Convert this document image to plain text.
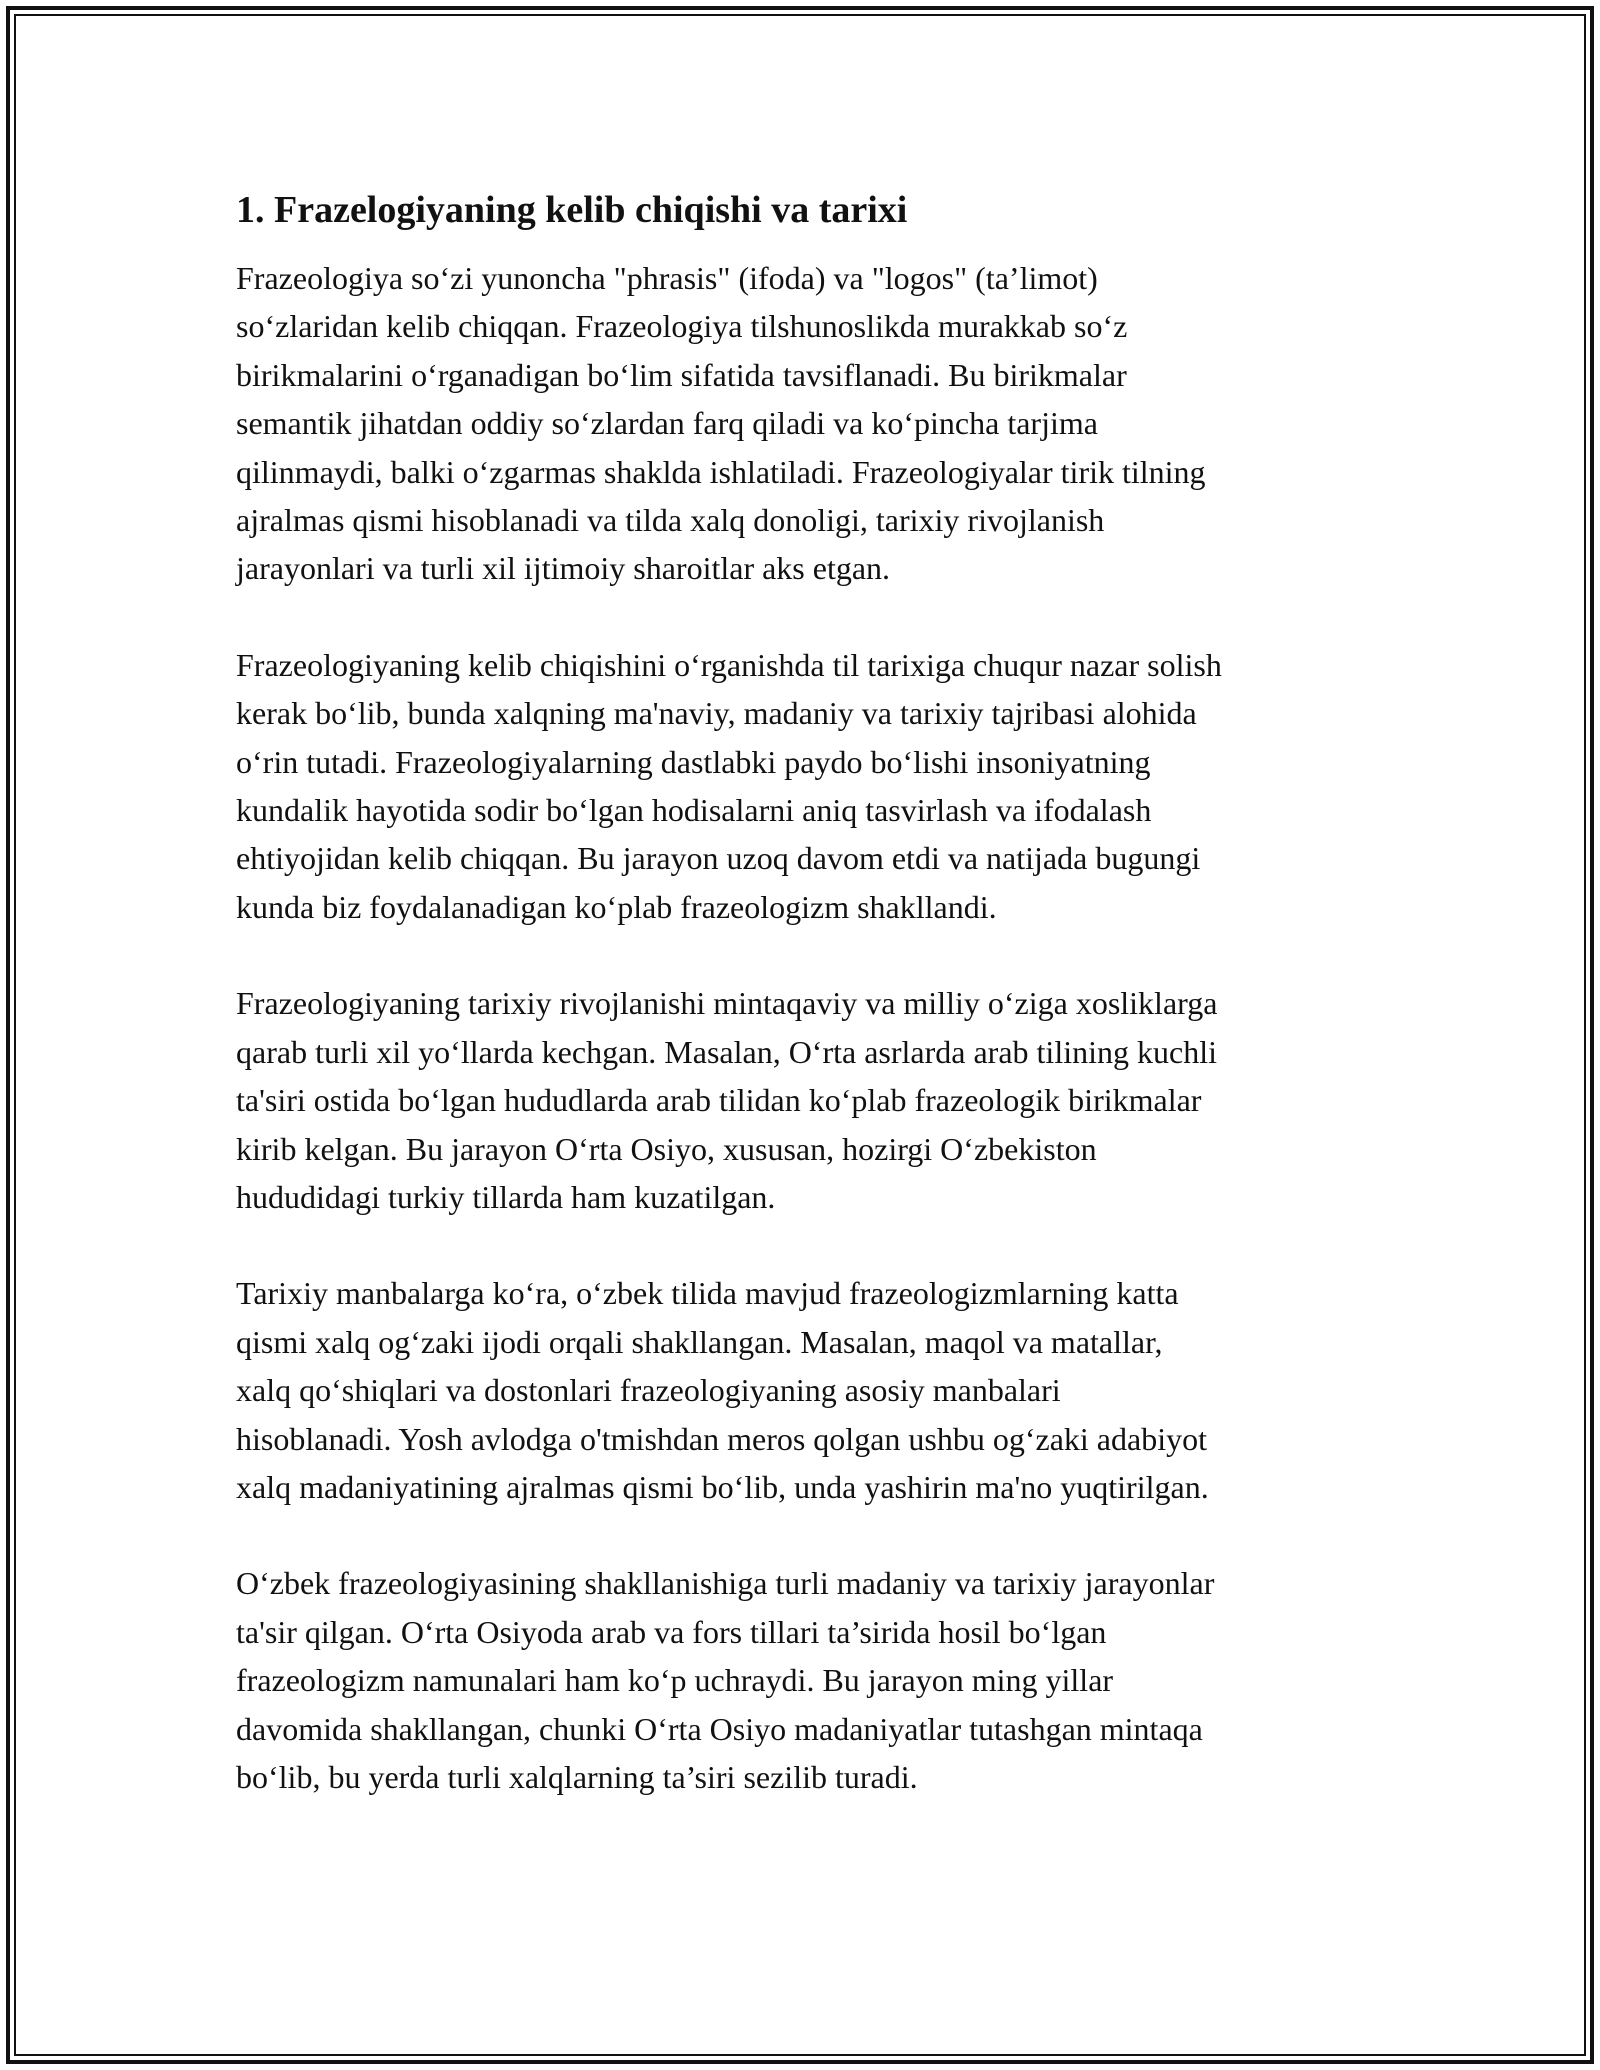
1. Frazelogiyaning kelib chiqishi va tarixi

Frazeologiya so‘zi yunoncha "phrasis" (ifoda) va "logos" (ta’limot)
so‘zlaridan kelib chiqqan. Frazeologiya tilshunoslikda murakkab so‘z
birikmalarini o‘rganadigan bo‘lim sifatida tavsiflanadi. Bu birikmalar
semantik jihatdan oddiy so‘zlardan farq qiladi va ko‘pincha tarjima
qilinmaydi, balki o‘zgarmas shaklda ishlatiladi. Frazeologiyalar tirik tilning
ajralmas qismi hisoblanadi va tilda xalq donoligi, tarixiy rivojlanish
jarayonlari va turli xil ijtimoiy sharoitlar aks etgan.

Frazeologiyaning kelib chiqishini o‘rganishda til tarixiga chuqur nazar solish
kerak bo‘lib, bunda xalqning ma'naviy, madaniy va tarixiy tajribasi alohida
o‘rin tutadi. Frazeologiyalarning dastlabki paydo bo‘lishi insoniyatning
kundalik hayotida sodir bo‘lgan hodisalarni aniq tasvirlash va ifodalash
ehtiyojidan kelib chiqqan. Bu jarayon uzoq davom etdi va natijada bugungi
kunda biz foydalanadigan ko‘plab frazeologizm shakllandi.

Frazeologiyaning tarixiy rivojlanishi mintaqaviy va milliy o‘ziga xosliklarga
qarab turli xil yo‘llarda kechgan. Masalan, O‘rta asrlarda arab tilining kuchli
ta'siri ostida bo‘lgan hududlarda arab tilidan ko‘plab frazeologik birikmalar
kirib kelgan. Bu jarayon O‘rta Osiyo, xususan, hozirgi O‘zbekiston
hududidagi turkiy tillarda ham kuzatilgan.

Tarixiy manbalarga ko‘ra, o‘zbek tilida mavjud frazeologizmlarning katta
qismi xalq og‘zaki ijodi orqali shakllangan. Masalan, maqol va matallar,
xalq qo‘shiqlari va dostonlari frazeologiyaning asosiy manbalari
hisoblanadi. Yosh avlodga o'tmishdan meros qolgan ushbu og‘zaki adabiyot
xalq madaniyatining ajralmas qismi bo‘lib, unda yashirin ma'no yuqtirilgan.

O‘zbek frazeologiyasining shakllanishiga turli madaniy va tarixiy jarayonlar
ta'sir qilgan. O‘rta Osiyoda arab va fors tillari ta’sirida hosil bo‘lgan
frazeologizm namunalari ham ko‘p uchraydi. Bu jarayon ming yillar
davomida shakllangan, chunki O‘rta Osiyo madaniyatlar tutashgan mintaqa
bo‘lib, bu yerda turli xalqlarning ta’siri sezilib turadi.
